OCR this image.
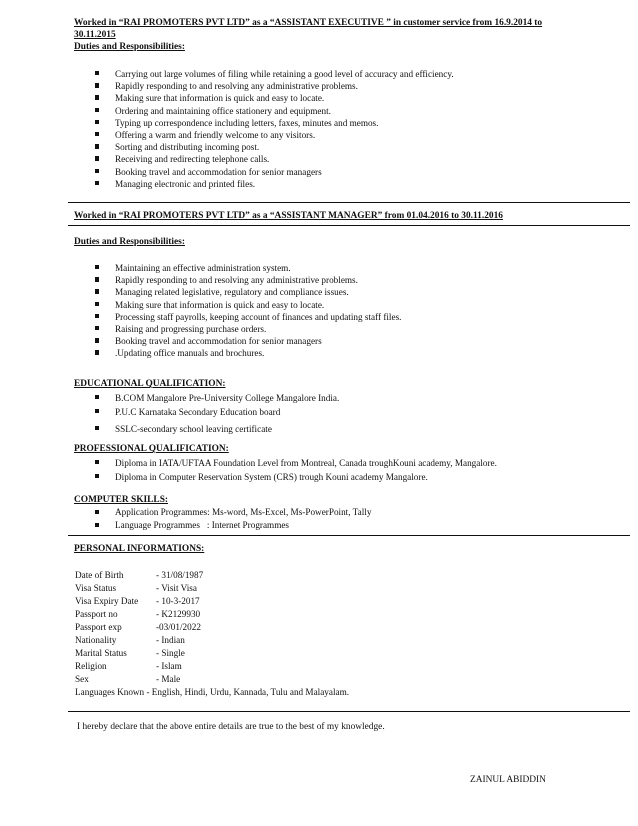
Worked in “RAI PROMOTERS PVT LTD” as a “ASSISTANT EXECUTIVE ” in customer service from 16.9.2014 to
30.11.2015
Duties and Responsibilities:
Carrying out large volumes of filing while retaining a good level of accuracy and efficiency.
Rapidly responding to and resolving any administrative problems.
Making sure that information is quick and easy to locate.
Ordering and maintaining office stationery and equipment.
Typing up correspondence including letters, faxes, minutes and memos.
Offering a warm and friendly welcome to any visitors.
Sorting and distributing incoming post.
Receiving and redirecting telephone calls.
Booking travel and accommodation for senior managers
Managing electronic and printed files.
Worked in “RAI PROMOTERS PVT LTD” as a “ASSISTANT MANAGER” from 01.04.2016 to 30.11.2016
Duties and Responsibilities:
Maintaining an effective administration system.
Rapidly responding to and resolving any administrative problems.
Managing related legislative, regulatory and compliance issues.
Making sure that information is quick and easy to locate.
Processing staff payrolls, keeping account of finances and updating staff files.
Raising and progressing purchase orders.
Booking travel and accommodation for senior managers
.Updating office manuals and brochures.
EDUCATIONAL QUALIFICATION:
B.COM Mangalore Pre-University College Mangalore India.
P.U.C Karnataka Secondary Education board
SSLC-secondary school leaving certificate
PROFESSIONAL QUALIFICATION:
Diploma in IATA/UFTAA Foundation Level from Montreal, Canada troughKouni academy, Mangalore.
Diploma in Computer Reservation System (CRS) trough Kouni academy Mangalore.
COMPUTER SKILLS:
Application Programmes: Ms-word, Ms-Excel, Ms-PowerPoint, Tally
Language Programmes   : Internet Programmes
PERSONAL INFORMATIONS:
Date of Birth	- 31/08/1987
Visa Status	- Visit Visa
Visa Expiry Date - 10-3-2017
Passport no	- K2129930
Passport exp	-03/01/2022
Nationality	- Indian
Marital Status	- Single
Religion	- Islam
Sex	- Male
Languages Known - English, Hindi, Urdu, Kannada, Tulu and Malayalam.
I hereby declare that the above entire details are true to the best of my knowledge.
ZAINUL ABIDDIN
